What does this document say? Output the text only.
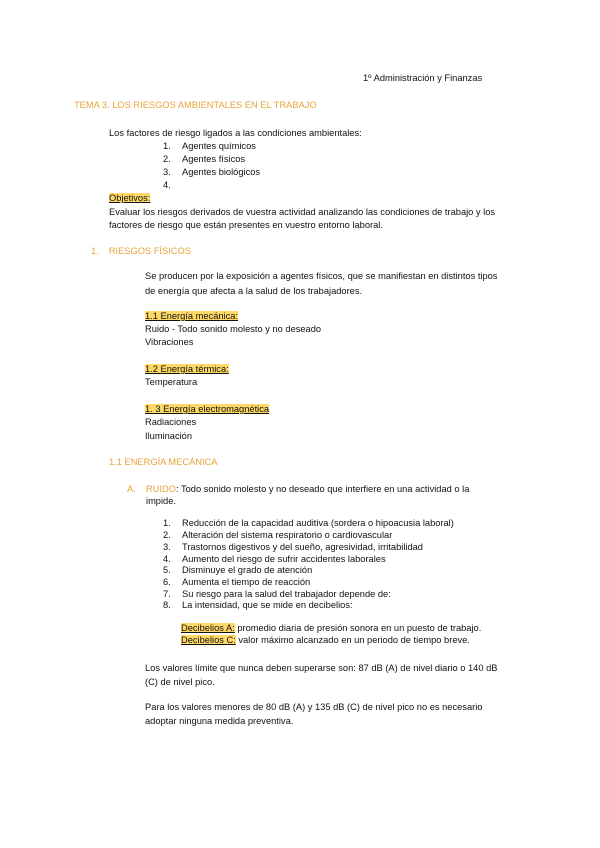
1º Administración y Finanzas
TEMA 3. LOS RIESGOS AMBIENTALES EN EL TRABAJO
Los factores de riesgo ligados a las condiciones ambientales:
1. Agentes químicos
2. Agentes físicos
3. Agentes biológicos
4.
Objetivos:
Evaluar los riesgos derivados de vuestra actividad analizando las condiciones de trabajo y los
factores de riesgo que están presentes en vuestro entorno laboral.
1. RIESGOS FÍSICOS
Se producen por la exposición a agentes físicos, que se manifiestan en distintos tipos
de energía que afecta a la salud de los trabajadores.
1.1 Energía mecánica:
Ruido - Todo sonido molesto y no deseado
Vibraciones
1.2 Energía térmica:
Temperatura
1. 3 Energía electromagnética
Radiaciones
Iluminación
1.1 ENERGÍA MECÁNICA
A. RUIDO: Todo sonido molesto y no deseado que interfiere en una actividad o la
impide.
1. Reducción de la capacidad auditiva (sordera o hipoacusia laboral)
2. Alteración del sistema respiratorio o cardiovascular
3. Trastornos digestivos y del sueño, agresividad, irritabilidad
4. Aumento del riesgo de sufrir accidentes laborales
5. Disminuye el grado de atención
6. Aumenta el tiempo de reacción
7. Su riesgo para la salud del trabajador depende de:
8. La intensidad, que se mide en decibelios:
Decibelios A: promedio diaria de presión sonora en un puesto de trabajo.
Decibelios C: valor máximo alcanzado en un periodo de tiempo breve.
Los valores límite que nunca deben superarse son: 87 dB (A) de nivel diario o 140 dB
(C) de nivel pico.
Para los valores menores de 80 dB (A) y 135 dB (C) de nivel pico no es necesario
adoptar ninguna medida preventiva.
